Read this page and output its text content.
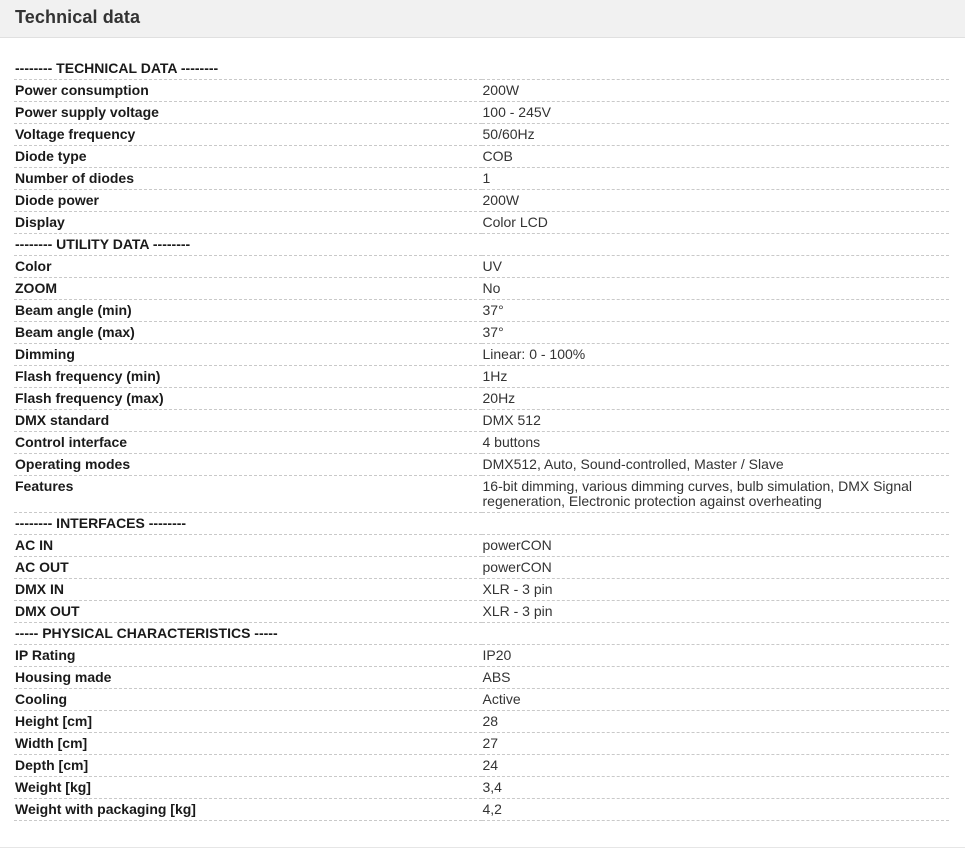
Technical data
-------- TECHNICAL DATA --------	
Power consumption	200W
Power supply voltage	100 - 245V
Voltage frequency	50/60Hz
Diode type	COB
Number of diodes	1
Diode power	200W
Display	Color LCD
-------- UTILITY DATA --------	
Color	UV
ZOOM	No
Beam angle (min)	37°
Beam angle (max)	37°
Dimming	Linear: 0 - 100%
Flash frequency (min)	1Hz
Flash frequency (max)	20Hz
DMX standard	DMX 512
Control interface	4 buttons
Operating modes	DMX512, Auto, Sound-controlled, Master / Slave
Features	16-bit dimming, various dimming curves, bulb simulation, DMX Signal regeneration, Electronic protection against overheating
-------- INTERFACES --------	
AC IN	powerCON
AC OUT	powerCON
DMX IN	XLR - 3 pin
DMX OUT	XLR - 3 pin
----- PHYSICAL CHARACTERISTICS -----	
IP Rating	IP20
Housing made	ABS
Cooling	Active
Height [cm]	28
Width [cm]	27
Depth [cm]	24
Weight [kg]	3,4
Weight with packaging [kg]	4,2
